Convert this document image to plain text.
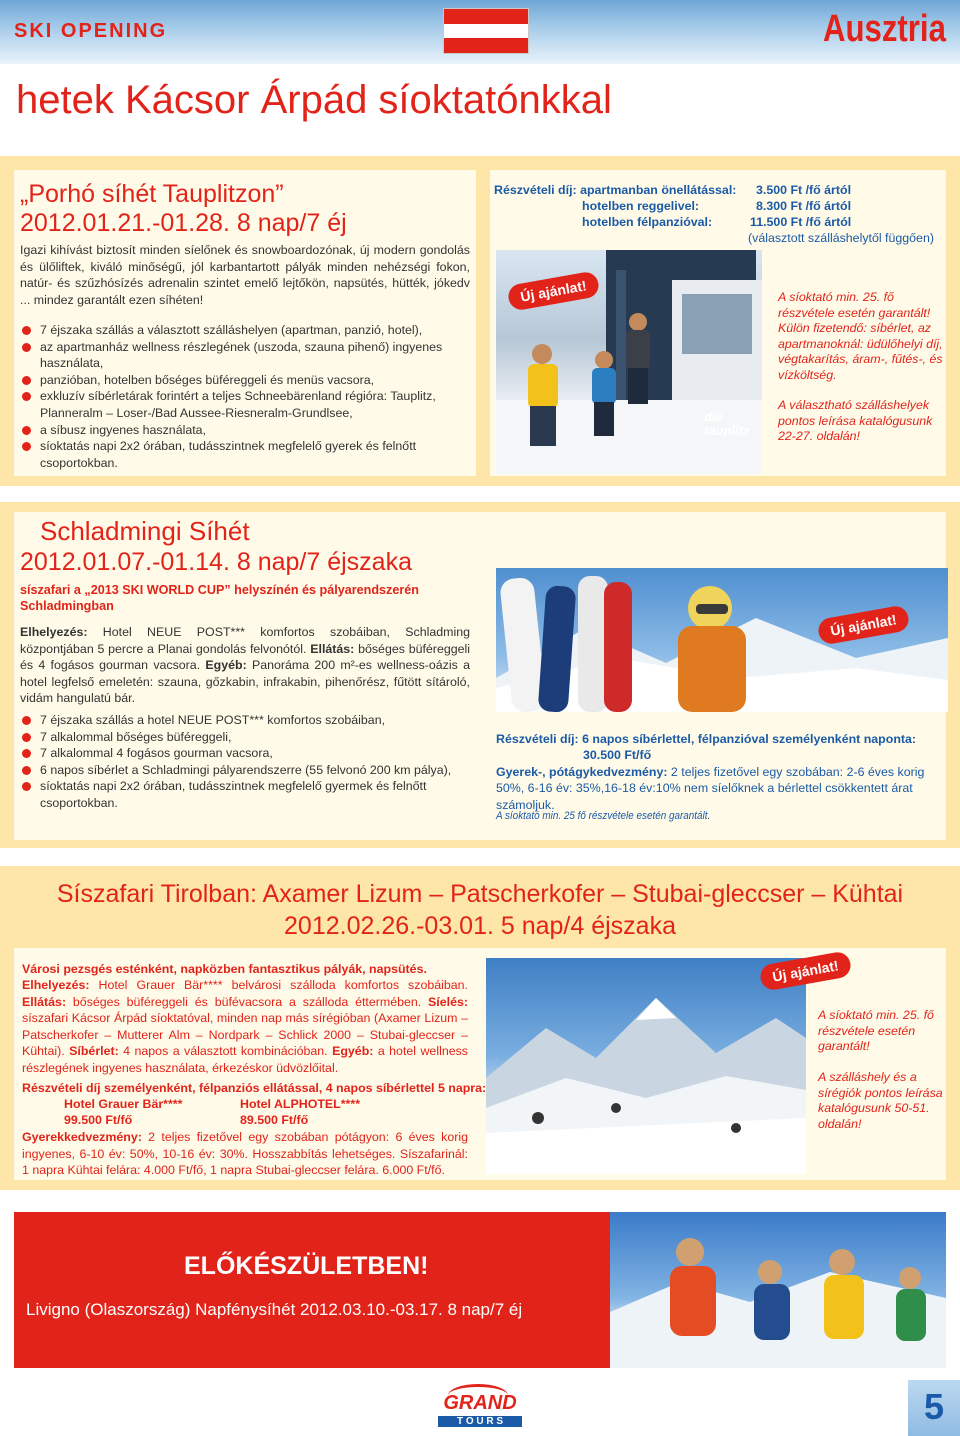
SKI OPENING	Ausztria
hetek Kácsor Árpád síoktatónkkal
„Porhó síhét Tauplitzon”
2012.01.21.-01.28. 8 nap/7 éj
Igazi kihívást biztosít minden síelőnek és snowboardozónak, új modern gondolás és ülőliftek, kiváló minőségű, jól karbantartott pályák minden nehézségi fokon, natúr- és szűzhósízés adrenalin szintet emelő lejtőkön, napsütés, hütték, jókedv ... mindez garantált ezen síhéten!
7 éjszaka szállás a választott szálláshelyen (apartman, panzió, hotel),
az apartmanház wellness részlegének (uszoda, szauna pihenő) ingyenes használata,
panzióban, hotelben bőséges büféreggeli és menüs vacsora,
exkluzív síbérletárak forintért a teljes Schneebärenland régióra: Tauplitz, Planneralm – Loser-/Bad Aussee-Riesneralm-Grundlsee,
a síbusz ingyenes használata,
síoktatás napi 2x2 órában, tudásszintnek megfelelő gyerek és felnőtt csoportokban.
Részvételi díj: apartmanban önellátással: 3.500 Ft /fő ártól
hotelben reggelivel:	8.300 Ft /fő ártól
hotelben félpanzióval:	11.500 Ft /fő ártól
(választott szálláshelytől függően)
die tauplitz
Új ajánlat!	A síoktató min. 25. fő részvétele esetén garantált! Külön fizetendő: síbérlet, az apartmanoknál: üdülőhelyi díj, végtakarítás, áram-, fűtés-, és vízköltség.
A választható szálláshelyek pontos leírása katalógusunk 22-27. oldalán!
Schladmingi Síhét
2012.01.07.-01.14. 8 nap/7 éjszaka
síszafari a „2013 SKI WORLD CUP” helyszínén és pályarendszerén Schladmingban
Elhelyezés: Hotel NEUE POST*** komfortos szobáiban, Schladming központjában 5 percre a Planai gondolás felvonótól. Ellátás: bőséges büféreggeli és 4 fogásos gourman vacsora. Egyéb: Panoráma 200 m²-es wellness-oázis a hotel legfelső emeletén: szauna, gőzkabin, infrakabin, pihenőrész, fűtött sítároló, vidám hangulatú bár.
7 éjszaka szállás a hotel NEUE POST*** komfortos szobáiban,
7 alkalommal bőséges büféreggeli,
7 alkalommal 4 fogásos gourman vacsora,
6 napos síbérlet a Schladmingi pályarendszerre (55 felvonó 200 km pálya),
síoktatás napi 2x2 órában, tudásszintnek megfelelő gyermek és felnőtt csoportokban.
Új ajánlat!
Részvételi díj: 6 napos síbérlettel, félpanzióval személyenként naponta:
30.500 Ft/fő
Gyerek-, pótágykedvezmény: 2 teljes fizetővel egy szobában: 2-6 éves korig 50%, 6-16 év: 35%,16-18 év:10% nem síelőknek a bérlettel csökkentett árat számoljuk.
A síoktató min. 25 fő részvétele esetén garantált.
Síszafari Tirolban: Axamer Lizum – Patscherkofer – Stubai-gleccser – Kühtai
2012.02.26.-03.01. 5 nap/4 éjszaka
Városi pezsgés esténként, napközben fantasztikus pályák, napsütés.
Elhelyezés: Hotel Grauer Bär**** belvárosi szálloda komfortos szobáiban. Ellátás: bőséges büféreggeli és büfévacsora a szálloda éttermében. Síelés: síszafari Kácsor Árpád síoktatóval, minden nap más sírégióban (Axamer Lizum – Patscherkofer – Mutterer Alm – Nordpark – Schlick 2000 – Stubai-gleccser – Kühtai). Síbérlet: 4 napos a választott kombinációban. Egyéb: a hotel wellness részlegének ingyenes használata, érkezéskor üdvözlőital.
Részvételi díj személyenként, félpanziós ellátással, 4 napos síbérlettel 5 napra:
Hotel Grauer Bär****	Hotel ALPHOTEL****
99.500 Ft/fő	89.500 Ft/fő
Gyerekkedvezmény: 2 teljes fizetővel egy szobában pótágyon: 6 éves korig ingyenes, 6-10 év: 50%, 10-16 év: 30%. Hosszabbítás lehetséges. Síszafarinál: 1 napra Kühtai felára: 4.000 Ft/fő, 1 napra Stubai-gleccser felára. 6.000 Ft/fő.
Új ajánlat!
A síoktató min. 25. fő részvétele esetén garantált!
A szálláshely és a sírégiók pontos leírása katalógusunk 50-51. oldalán!
ELŐKÉSZÜLETBEN!
Livigno (Olaszország) Napfénysíhét 2012.03.10.-03.17. 8 nap/7 éj
GRAND
T O U R S	5
